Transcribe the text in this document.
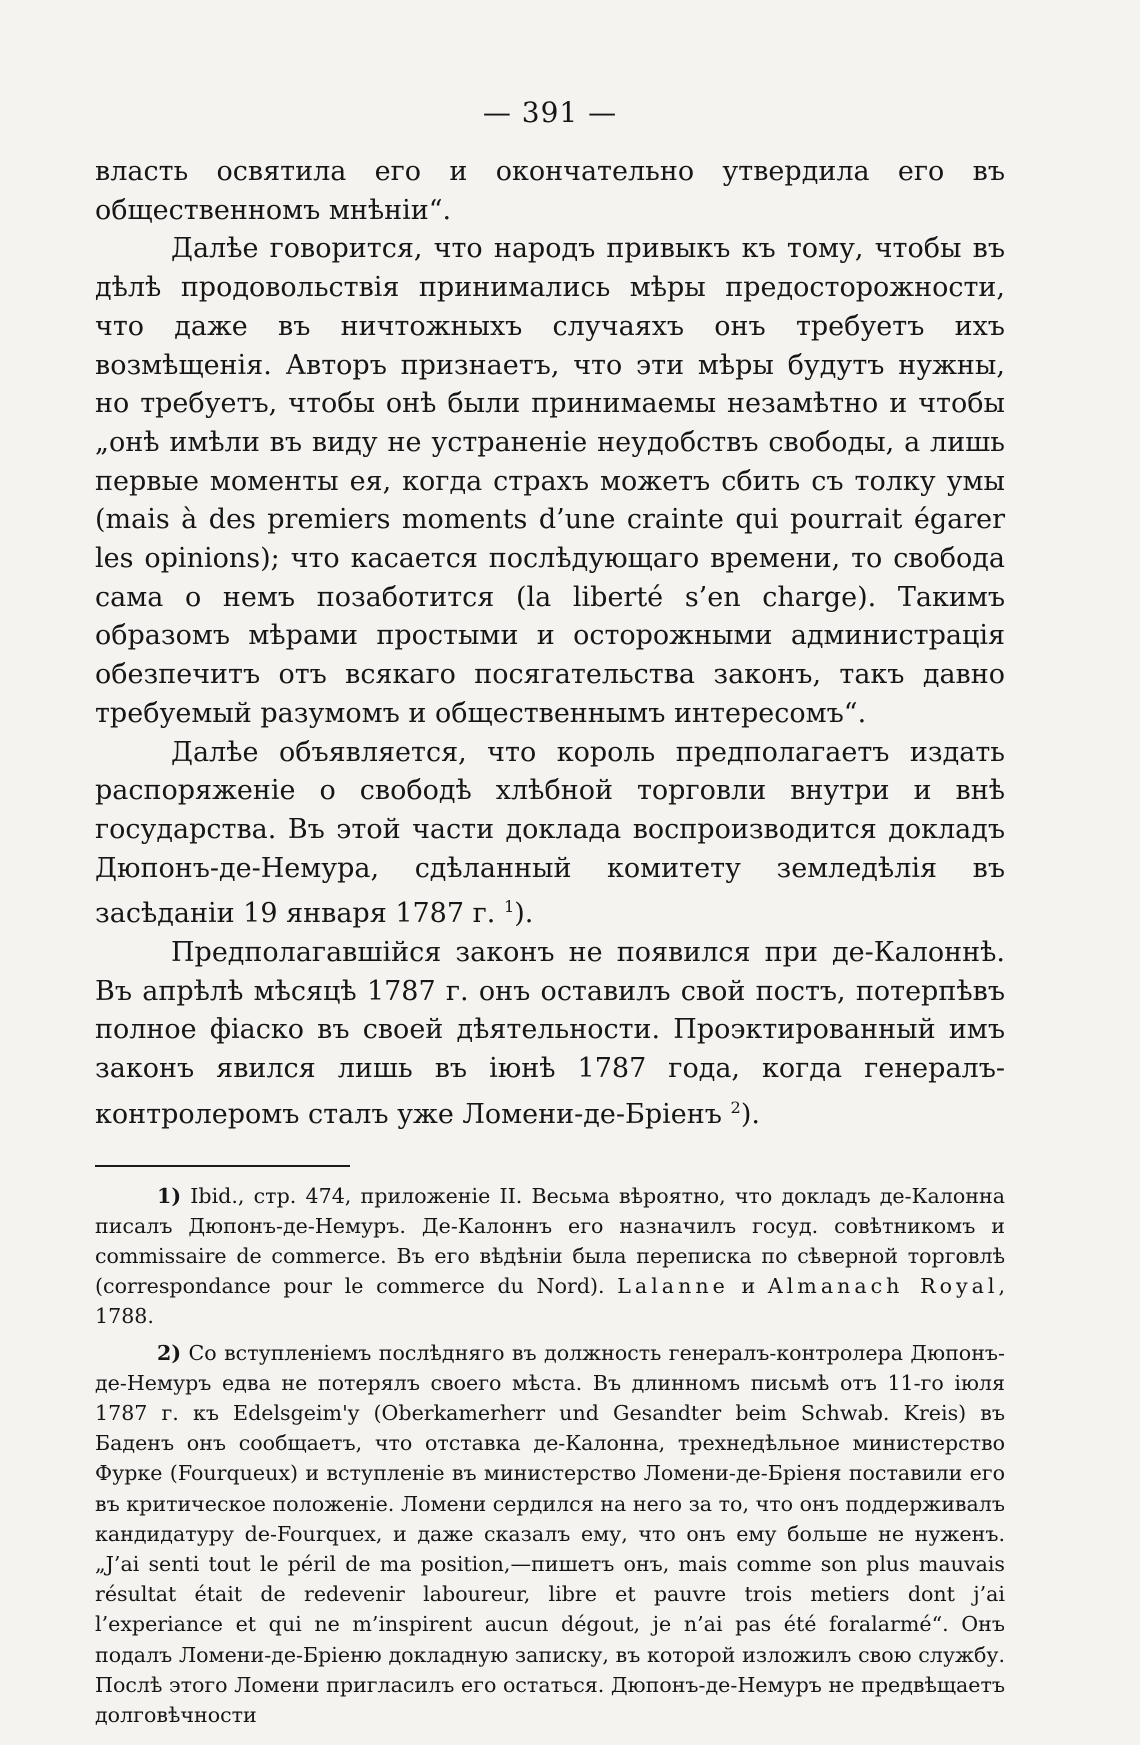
— 391 —

власть освятила его и окончательно утвердила его въ общественномъ мнѣніи“.

Далѣе говорится, что народъ привыкъ къ тому, чтобы въ дѣлѣ продовольствія принимались мѣры предосторожности, что даже въ ничтожныхъ случаяхъ онъ требуетъ ихъ возмѣщенія. Авторъ признаетъ, что эти мѣры будутъ нужны, но требуетъ, чтобы онѣ были принимаемы незамѣтно и чтобы „онѣ имѣли въ виду не устраненіе неудобствъ свободы, а лишь первые моменты ея, когда страхъ можетъ сбить съ толку умы (mais à des premiers moments d’une crainte qui pourrait égarer les opinions); что касается послѣдующаго времени, то свобода сама о немъ позаботится (la liberté s’en charge). Такимъ образомъ мѣрами простыми и осторожными администрація обезпечитъ отъ всякаго посягательства законъ, такъ давно требуемый разумомъ и общественнымъ интересомъ“.

Далѣе объявляется, что король предполагаетъ издать распоряженіе о свободѣ хлѣбной торговли внутри и внѣ государства. Въ этой части доклада воспроизводится докладъ Дюпонъ-де-Немура, сдѣланный комитету земледѣлія въ засѣданіи 19 января 1787 г. $^1$).

Предполагавшійся законъ не появился при де-Калоннѣ. Въ апрѣлѣ мѣсяцѣ 1787 г. онъ оставилъ свой постъ, потерпѣвъ полное фіаско въ своей дѣятельности. Проэктированный имъ законъ явился лишь въ іюнѣ 1787 года, когда генералъ-контролеромъ сталъ уже Ломени-де-Бріенъ $^2$).

1) Ibid., стр. 474, приложеніе II. Весьма вѣроятно, что докладъ де-Калонна писалъ Дюпонъ-де-Немуръ. Де-Калоннъ его назначилъ госуд. совѣтникомъ и commissaire de commerce. Въ его вѣдѣніи была переписка по сѣверной торговлѣ (correspondance pour le commerce du Nord). Lalanne и Almanach Royal, 1788.

2) Со вступленіемъ послѣдняго въ должность генералъ-контролера Дюпонъ-де-Немуръ едва не потерялъ своего мѣста. Въ длинномъ письмѣ отъ 11-го іюля 1787 г. къ Edelsgeim'y (Oberkamerherr und Gesandter beim Schwab. Kreis) въ Баденъ онъ сообщаетъ, что отставка де-Калонна, трехнедѣльное министерство Фурке (Fourqueux) и вступленіе въ министерство Ломени-де-Бріеня поставили его въ критическое положеніе. Ломени сердился на него за то, что онъ поддерживалъ кандидатуру de-Fourquex, и даже сказалъ ему, что онъ ему больше не нуженъ. „J’ai senti tout le péril de ma position,—пишетъ онъ, mais comme son plus mauvais résultat était de redevenir laboureur, libre et pauvre trois metiers dont j’ai l’experiance et qui ne m’inspirent aucun dégout, je n’ai pas été foralarmé“. Онъ подалъ Ломени-де-Бріеню докладную записку, въ которой изложилъ свою службу. Послѣ этого Ломени пригласилъ его остаться. Дюпонъ-де-Немуръ не предвѣщаетъ долговѣчности
